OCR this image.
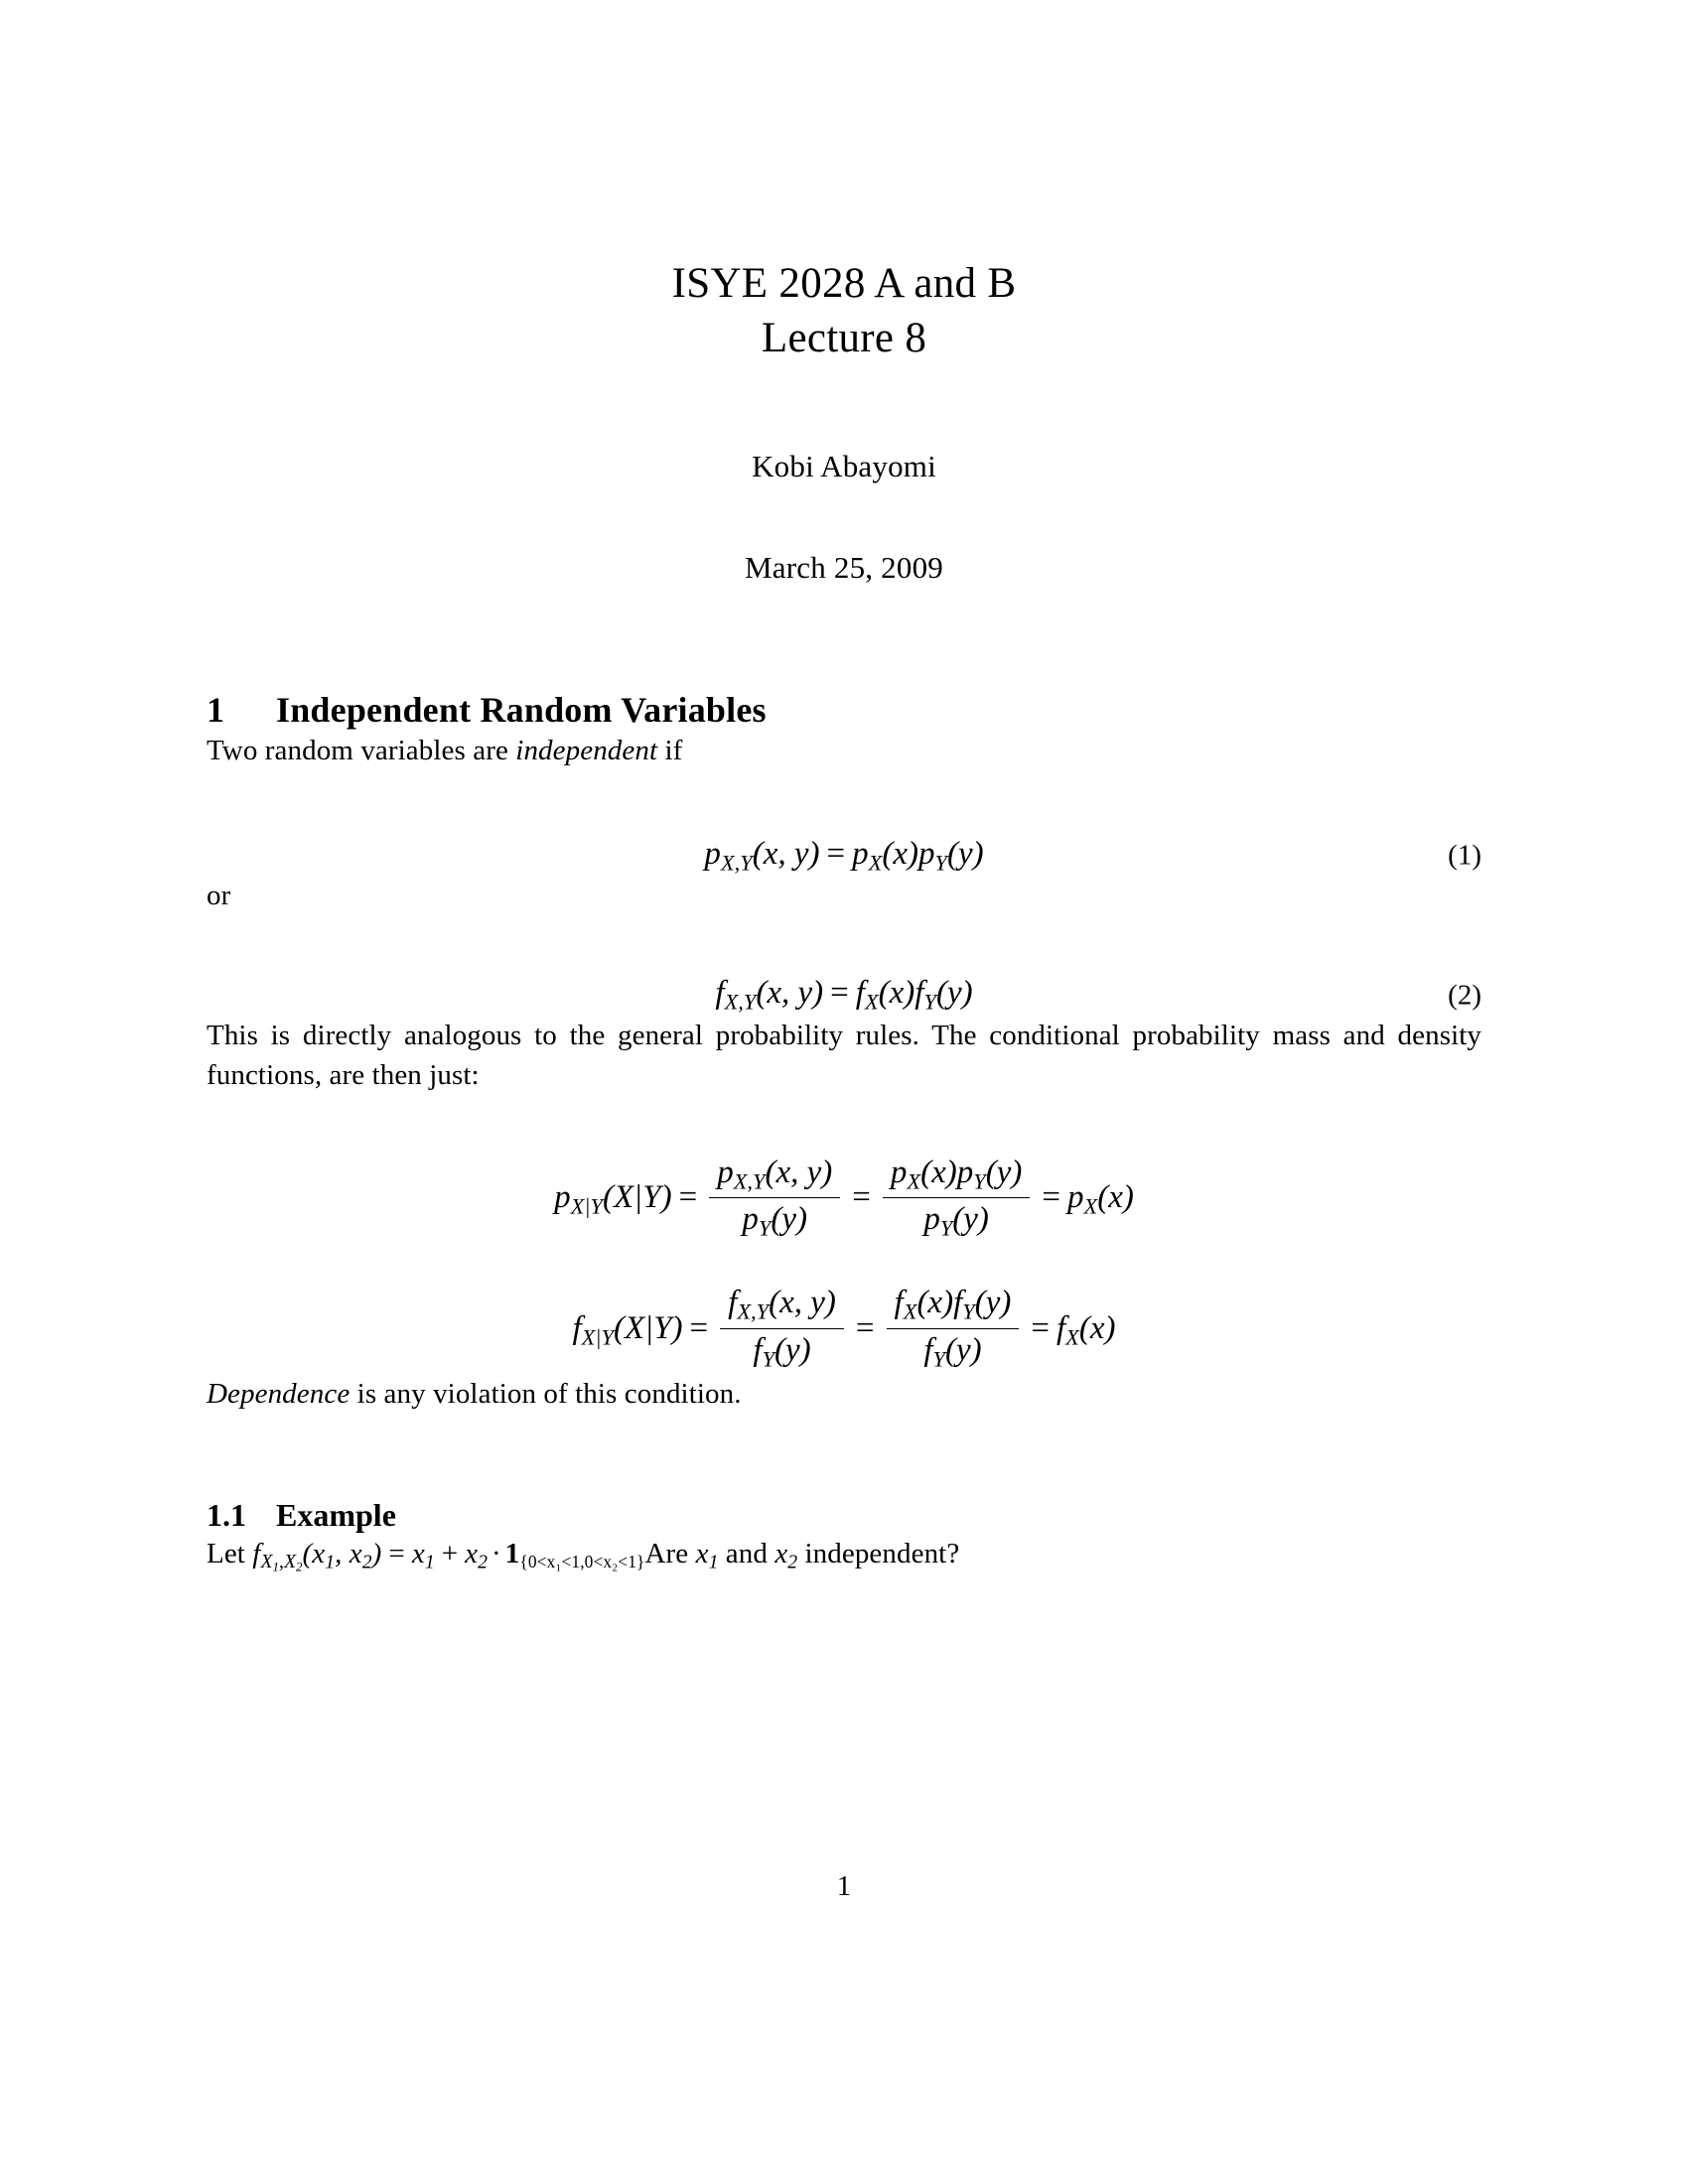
ISYE 2028 A and B
Lecture 8
Kobi Abayomi
March 25, 2009
1	Independent Random Variables

Two random variables are independent if

$p_{X,Y}(x$, $y) = p_X(x)p_Y(y)$	(1)

or

$f_{X,Y}(x$, $y) = f_X(x)f_Y(y)$	(2)

This is directly analogous to the general probability rules. The conditional probability mass and density functions, are then just:

$p_{X|Y}(X|Y) = \frac{p_{X,Y}(x, y)}{p_Y(y)} = \frac{p_X(x)p_Y(y)}{p_Y(y)} = p_X(x)$
$f_{X|Y}(X|Y) = \frac{f_{X,Y}(x, y)}{f_Y(y)} = \frac{f_X(x)f_Y(y)}{f_Y(y)} = f_X(x)$

Dependence is any violation of this condition.

1.1 Example

Let $f_{X1,X2}(x_1$, $x_2) = x_1 + x_2 \cdot 1\{0<x_1<1,0<x_2<1\}Are$ $x_1$ and $x_2$ independent?

1
